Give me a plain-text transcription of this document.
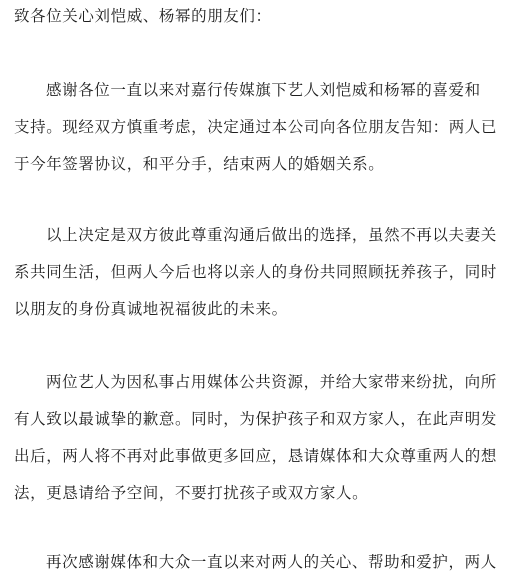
致各位关心刘恺威、杨幂的朋友们：
感谢各位一直以来对嘉行传媒旗下艺人刘恺威和杨幂的喜爱和
支持。现经双方慎重考虑，决定通过本公司向各位朋友告知：两人已
于今年签署协议，和平分手，结束两人的婚姻关系。
以上决定是双方彼此尊重沟通后做出的选择，虽然不再以夫妻关
系共同生活，但两人今后也将以亲人的身份共同照顾抚养孩子，同时
以朋友的身份真诚地祝福彼此的未来。
两位艺人为因私事占用媒体公共资源，并给大家带来纷扰，向所
有人致以最诚挚的歉意。同时，为保护孩子和双方家人，在此声明发
出后，两人将不再对此事做更多回应，恳请媒体和大众尊重两人的想
法，更恳请给予空间，不要打扰孩子或双方家人。
再次感谢媒体和大众一直以来对两人的关心、帮助和爱护，两人
